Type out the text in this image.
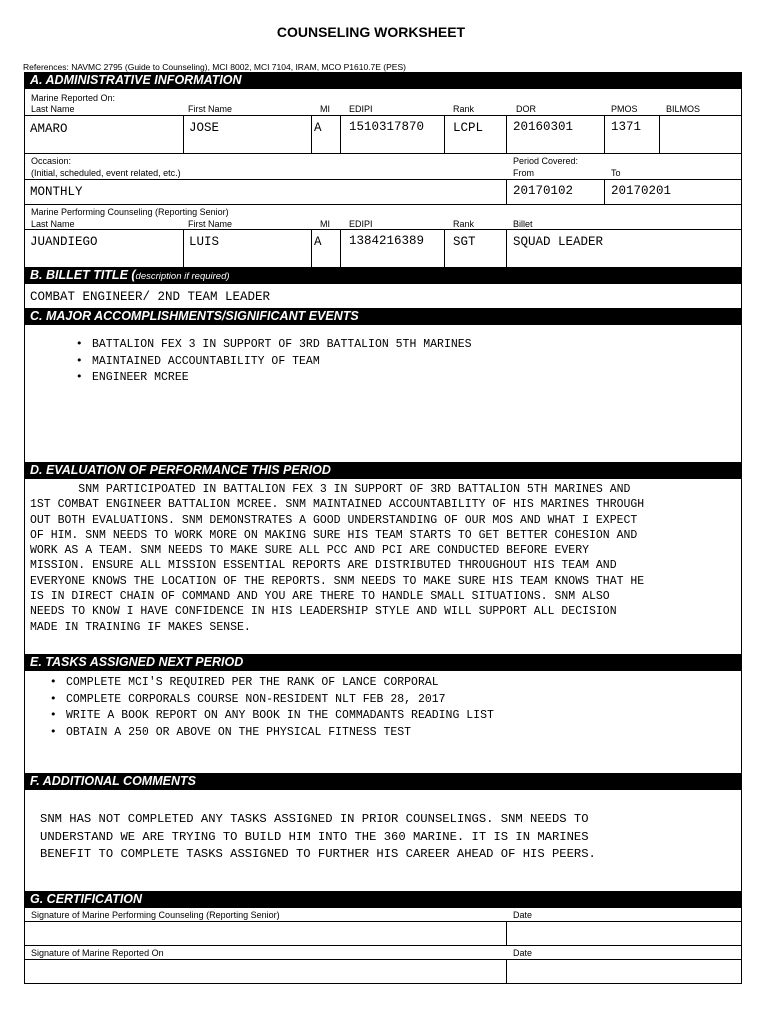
COUNSELING WORKSHEET
References: NAVMC 2795 (Guide to Counseling), MCI 8002, MCI 7104, IRAM, MCO P1610.7E (PES)
A. ADMINISTRATIVE INFORMATION
Marine Reported On:
Last Name	First Name	MI EDIPI	Rank	DOR	PMOS	BILMOS
AMARO	JOSE	A 1510317870 LCPL 20160301	1371
Occasion:
(Initial, scheduled, event related, etc.)
Period Covered:
From	To
MONTHLY	20170102	20170201
Marine Performing Counseling (Reporting Senior)
Last Name	First Name	MI EDIPI	Rank	Billet
JUANDIEGO	LUIS	A 1384216389 SGT	SQUAD LEADER
B. BILLET TITLE (description if required)
COMBAT ENGINEER/ 2ND TEAM LEADER
C. MAJOR ACCOMPLISHMENTS/SIGNIFICANT EVENTS
• BATTALION FEX 3 IN SUPPORT OF 3RD BATTALION 5TH MARINES
• MAINTAINED ACCOUNTABILITY OF TEAM
• ENGINEER MCREE
D. EVALUATION OF PERFORMANCE THIS PERIOD
SNM PARTICIPOATED IN BATTALION FEX 3 IN SUPPORT OF 3RD BATTALION 5TH MARINES AND
1ST COMBAT ENGINEER BATTALION MCREE. SNM MAINTAINED ACCOUNTABILITY OF HIS MARINES THROUGH
OUT BOTH EVALUATIONS. SNM DEMONSTRATES A GOOD UNDERSTANDING OF OUR MOS AND WHAT I EXPECT
OF HIM. SNM NEEDS TO WORK MORE ON MAKING SURE HIS TEAM STARTS TO GET BETTER COHESION AND
WORK AS A TEAM. SNM NEEDS TO MAKE SURE ALL PCC AND PCI ARE CONDUCTED BEFORE EVERY
MISSION. ENSURE ALL MISSION ESSENTIAL REPORTS ARE DISTRIBUTED THROUGHOUT HIS TEAM AND
EVERYONE KNOWS THE LOCATION OF THE REPORTS. SNM NEEDS TO MAKE SURE HIS TEAM KNOWS THAT HE
IS IN DIRECT CHAIN OF COMMAND AND YOU ARE THERE TO HANDLE SMALL SITUATIONS. SNM ALSO
NEEDS TO KNOW I HAVE CONFIDENCE IN HIS LEADERSHIP STYLE AND WILL SUPPORT ALL DECISION
MADE IN TRAINING IF MAKES SENSE.
E. TASKS ASSIGNED NEXT PERIOD
• COMPLETE MCI'S REQUIRED PER THE RANK OF LANCE CORPORAL
• COMPLETE CORPORALS COURSE NON-RESIDENT NLT FEB 28, 2017
• WRITE A BOOK REPORT ON ANY BOOK IN THE COMMADANTS READING LIST
• OBTAIN A 250 OR ABOVE ON THE PHYSICAL FITNESS TEST
F. ADDITIONAL COMMENTS
SNM HAS NOT COMPLETED ANY TASKS ASSIGNED IN PRIOR COUNSELINGS. SNM NEEDS TO
UNDERSTAND WE ARE TRYING TO BUILD HIM INTO THE 360 MARINE. IT IS IN MARINES
BENEFIT TO COMPLETE TASKS ASSIGNED TO FURTHER HIS CAREER AHEAD OF HIS PEERS.
G. CERTIFICATION
Signature of Marine Performing Counseling (Reporting Senior)	Date
Signature of Marine Reported On	Date
